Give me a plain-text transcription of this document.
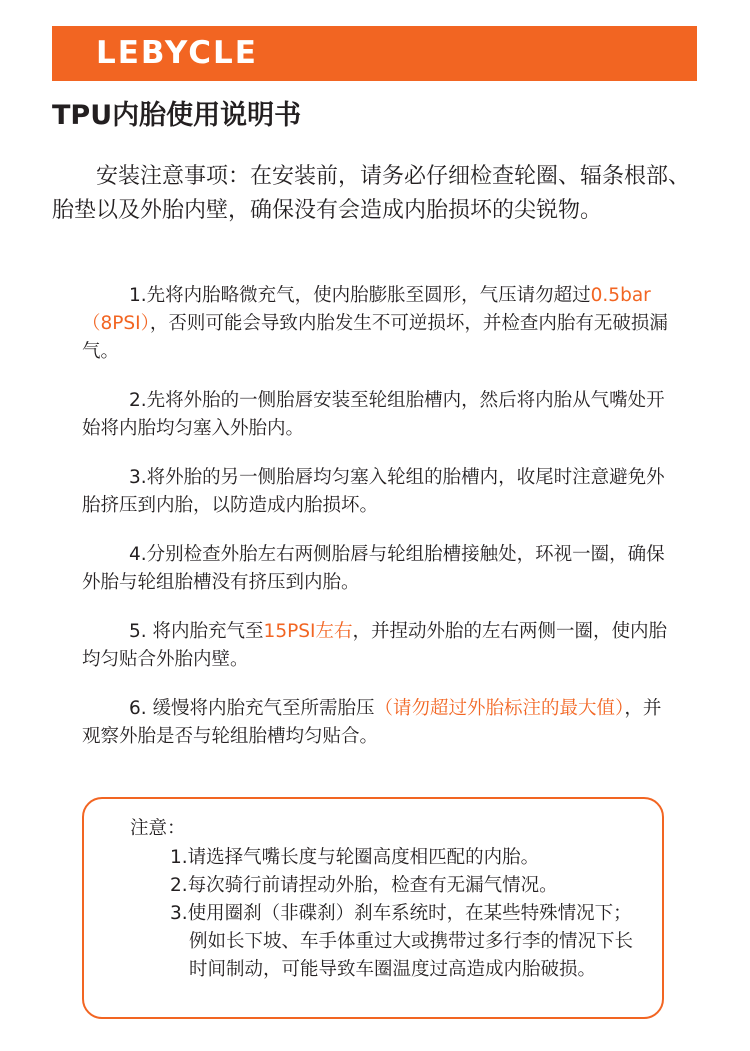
LEBYCLE
TPU内胎使用说明书

安装注意事项：在安装前，请务必仔细检查轮圈、辐条根部、胎垫以及外胎内壁，确保没有会造成内胎损坏的尖锐物。

1.先将内胎略微充气，使内胎膨胀至圆形，气压请勿超过0.5bar（8PSI），否则可能会导致内胎发生不可逆损坏，并检查内胎有无破损漏气。
2.先将外胎的一侧胎唇安装至轮组胎槽内，然后将内胎从气嘴处开始将内胎均匀塞入外胎内。
3.将外胎的另一侧胎唇均匀塞入轮组的胎槽内，收尾时注意避免外胎挤压到内胎，以防造成内胎损坏。
4.分别检查外胎左右两侧胎唇与轮组胎槽接触处，环视一圈，确保外胎与轮组胎槽没有挤压到内胎。
5. 将内胎充气至15PSI左右，并捏动外胎的左右两侧一圈，使内胎均匀贴合外胎内壁。
6. 缓慢将内胎充气至所需胎压（请勿超过外胎标注的最大值），并观察外胎是否与轮组胎槽均匀贴合。
注意：
1.请选择气嘴长度与轮圈高度相匹配的内胎。
2.每次骑行前请捏动外胎，检查有无漏气情况。
3.使用圈刹（非碟刹）刹车系统时，在某些特殊情况下；例如长下坡、车手体重过大或携带过多行李的情况下长时间制动，可能导致车圈温度过高造成内胎破损。
